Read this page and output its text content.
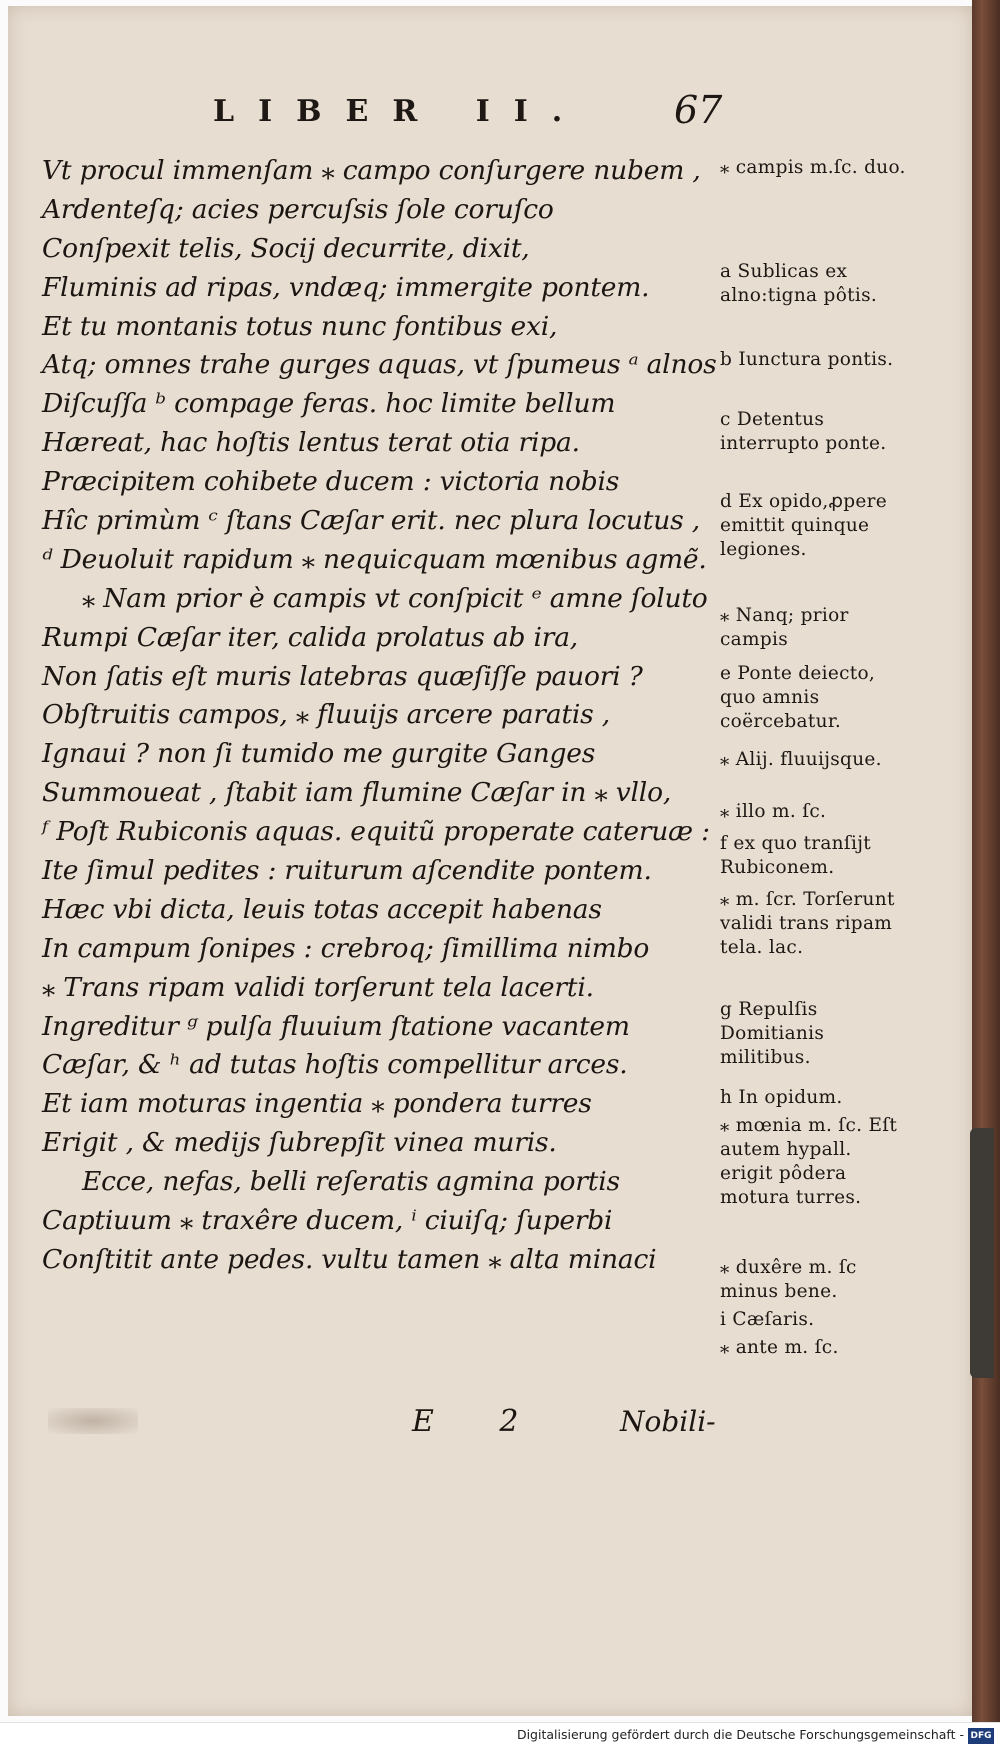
LIBER II. 67
Vt procul immenſam ⁎ campo conſurgere nubem ,
Ardenteſq; acies percuſsis ſole coruſco
Conſpexit telis, Socij decurrite, dixit,
Fluminis ad ripas, vndæq; immergite pontem.
Et tu montanis totus nunc fontibus exi,
Atq; omnes trahe gurges aquas, vt ſpumeus ᵃ alnos
Diſcuſſa ᵇ compage feras. hoc limite bellum
Hæreat, hac hoſtis lentus terat otia ripa.
Præcipitem cohibete ducem : victoria nobis
Hîc primùm ᶜ ſtans Cæſar erit. nec plura locutus ,
ᵈ Deuoluit rapidum ⁎ nequicquam mœnibus agmẽ.
⁎ Nam prior è campis vt conſpicit ᵉ amne ſoluto
Rumpi Cæſar iter, calida prolatus ab ira,
Non ſatis eſt muris latebras quæſiſſe pauori ?
Obſtruitis campos, ⁎ fluuijs arcere paratis ,
Ignaui ? non ſi tumido me gurgite Ganges
Summoueat , ſtabit iam flumine Cæſar in ⁎ vllo,
ᶠ Poſt Rubiconis aquas. equitũ properate cateruæ :
Ite ſimul pedites : ruiturum aſcendite pontem.
Hæc vbi dicta, leuis totas accepit habenas
In campum ſonipes : crebroq; ſimillima nimbo
⁎ Trans ripam validi torſerunt tela lacerti.
Ingreditur ᵍ pulſa fluuium ſtatione vacantem
Cæſar, & ʰ ad tutas hoſtis compellitur arces.
Et iam moturas ingentia ⁎ pondera turres
Erigit , & medijs ſubrepſit vinea muris.
Ecce, nefas, belli reſeratis agmina portis
Captiuum ⁎ traxêre ducem, ⁱ ciuiſq; ſuperbi
Conſtitit ante pedes. vultu tamen ⁎ alta minaci
⁎ campis m.ſc. duo.
a Sublicas ex alno:tigna pôtis.
b Iunctura pontis.
c Detentus interrupto ponte.
d Ex opido,ꝓpere emittit quinque legiones.
⁎ Nanq; prior campis
e Ponte deiecto, quo amnis coërcebatur.
⁎ Alij. fluuijsque.
⁎ illo m. ſc.
f ex quo tranſijt Rubiconem.
⁎ m. ſcr. Torſerunt validi trans ripam tela. lac.
g Repulſis Domitianis militibus.
h In opidum.
⁎ mœnia m. ſc. Eſt autem hypall. erigit pôdera motura turres.
⁎ duxêre m. ſc minus bene.
i Cæſaris.
⁎ ante m. ſc.
E 2	Nobili-
Digitalisierung gefördert durch die Deutsche Forschungsgemeinschaft - DFG
